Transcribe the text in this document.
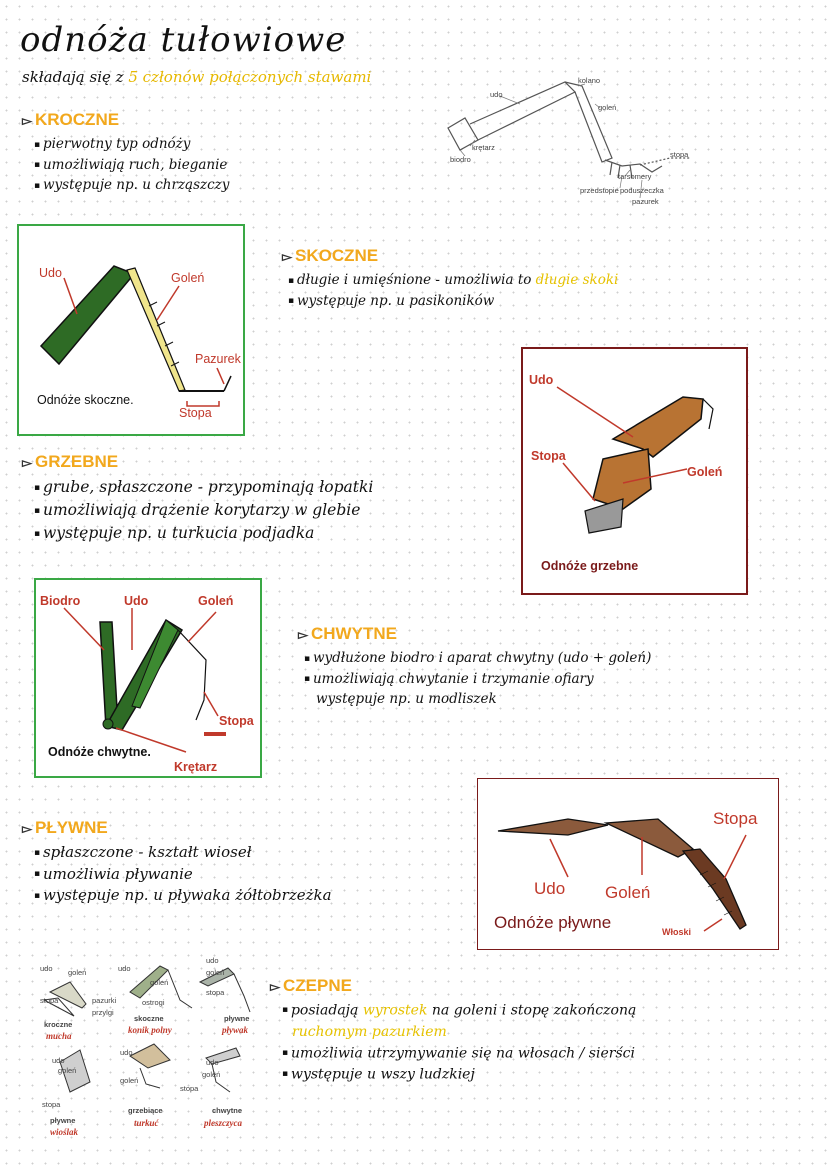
odnóża tułowiowe
składają się z 5 członów połączonych stawami
udo
kolano
goleń
krętarz
biodro
stopa
tarsomery
przedstopie poduszeczka
pazurek
▻ KROCZNE
▪ pierwotny typ odnóży
▪ umożliwiają ruch, bieganie
▪ występuje np. u chrząszczy
Udo	Goleń
Pazurek
Odnóże skoczne.
Stopa
▻ SKOCZNE
▪ długie i umięśnione - umożliwia to długie skoki
▪ występuje np. u pasikoników
Udo
Stopa
Goleń
Odnóże grzebne
▻ GRZEBNE
▪ grube, spłaszczone - przypominają łopatki
▪ umożliwiają drążenie korytarzy w glebie
▪ występuje np. u turkucia podjadka
Biodro	Udo	Goleń
Stopa
Odnóże chwytne.
Krętarz
▻ CHWYTNE
▪ wydłużone biodro i aparat chwytny (udo + goleń)
▪ umożliwiają chwytanie i trzymanie ofiary
występuje np. u modliszek
Stopa
Udo Goleń
Odnóże pływne	Włoski
▻ PŁYWNE
▪ spłaszczone - kształt wioseł
▪ umożliwia pływanie
▪ występuje np. u pływaka żółtobrzeżka
udo goleń
stopa	pazurki
przylgi
udo
goleń
ostrogi
udo
goleń
stopa
udo
goleń
stopa
udo
goleń
stopa
udo
goleń
kroczne
mucha
skoczne
konik polny
pływne
pływak
pływne
wioślak
grzebiące
turkuć
chwytne
pleszczyca
▻ CZEPNE
▪ posiadają wyrostek na goleni i stopę zakończoną
ruchomym pazurkiem
▪ umożliwia utrzymywanie się na włosach / sierści
▪ występuje u wszy ludzkiej
